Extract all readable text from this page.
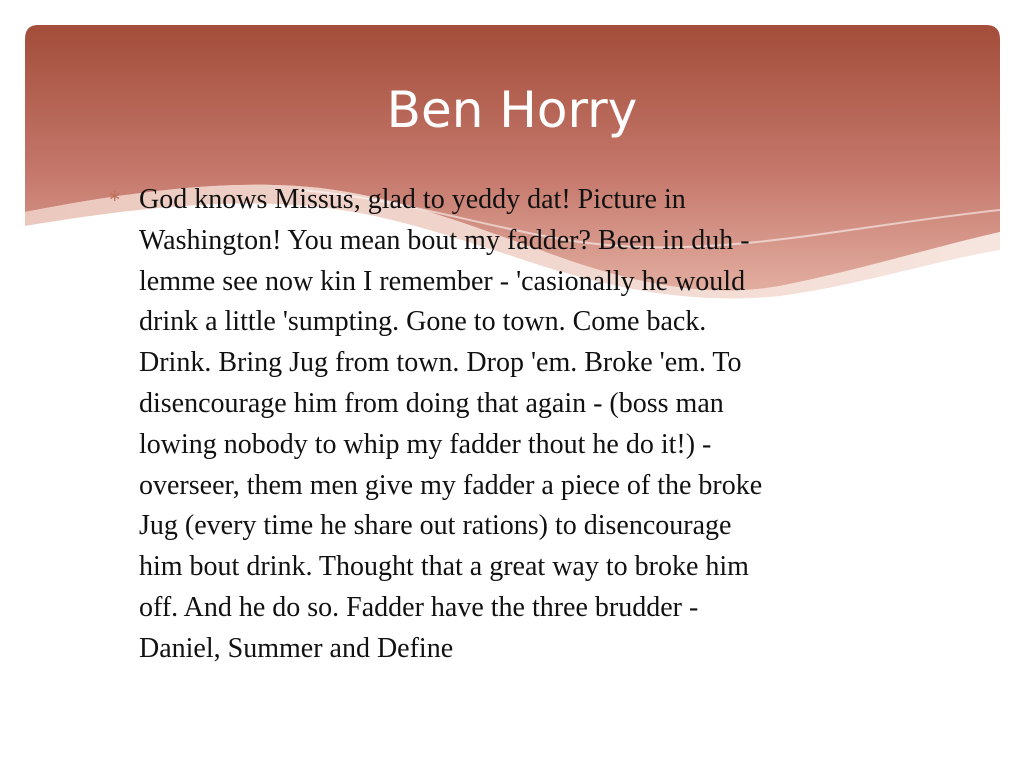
Ben Horry
∗ God knows Missus, glad to yeddy dat! Picture in
Washington! You mean bout my fadder? Been in duh -
lemme see now kin I remember - 'casionally he would
drink a little 'sumpting. Gone to town. Come back.
Drink. Bring Jug from town. Drop 'em. Broke 'em. To
disencourage him from doing that again - (boss man
lowing nobody to whip my fadder thout he do it!) -
overseer, them men give my fadder a piece of the broke
Jug (every time he share out rations) to disencourage
him bout drink. Thought that a great way to broke him
off. And he do so. Fadder have the three brudder -
Daniel, Summer and Define
